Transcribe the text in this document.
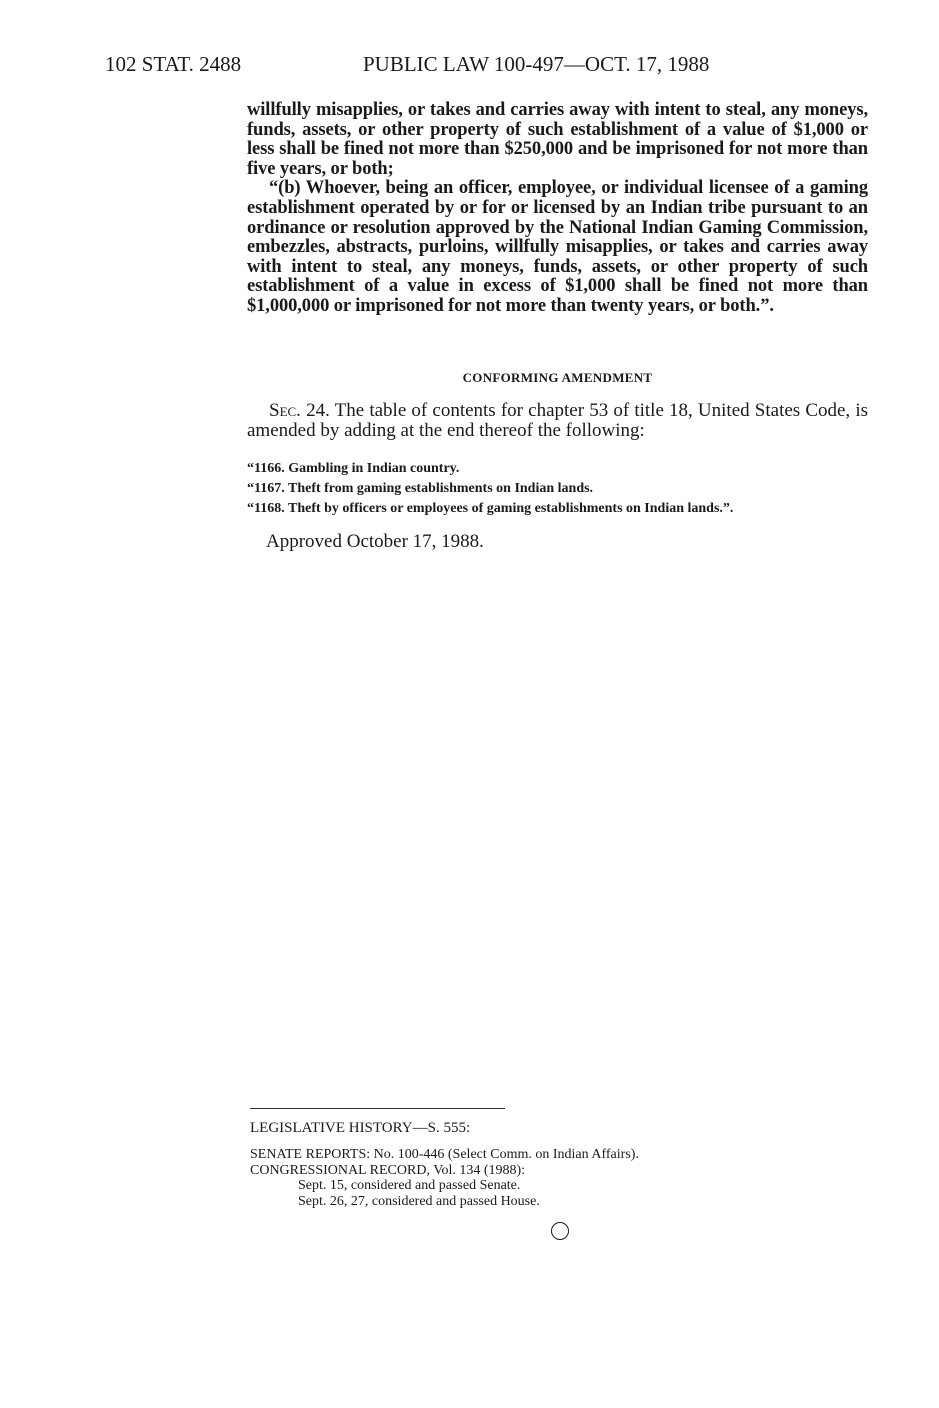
102 STAT. 2488	PUBLIC LAW 100-497—OCT. 17, 1988

willfully misapplies, or takes and carries away with intent to steal, any moneys, funds, assets, or other property of such establishment of a value of $1,000 or less shall be fined not more than $250,000 and be imprisoned for not more than five years, or both;

“(b) Whoever, being an officer, employee, or individual licensee of a gaming establishment operated by or for or licensed by an Indian tribe pursuant to an ordinance or resolution approved by the National Indian Gaming Commission, embezzles, abstracts, purloins, willfully misapplies, or takes and carries away with intent to steal, any moneys, funds, assets, or other property of such establishment of a value in excess of $1,000 shall be fined not more than $1,000,000 or imprisoned for not more than twenty years, or both.”.

CONFORMING AMENDMENT
Sec. 24. The table of contents for chapter 53 of title 18, United States Code, is amended by adding at the end thereof the following:
“1166. Gambling in Indian country.
“1167. Theft from gaming establishments on Indian lands.
“1168. Theft by officers or employees of gaming establishments on Indian lands.”.
Approved October 17, 1988.
LEGISLATIVE HISTORY—S. 555:
SENATE REPORTS: No. 100-446 (Select Comm. on Indian Affairs).
CONGRESSIONAL RECORD, Vol. 134 (1988):
Sept. 15, considered and passed Senate.
Sept. 26, 27, considered and passed House.
